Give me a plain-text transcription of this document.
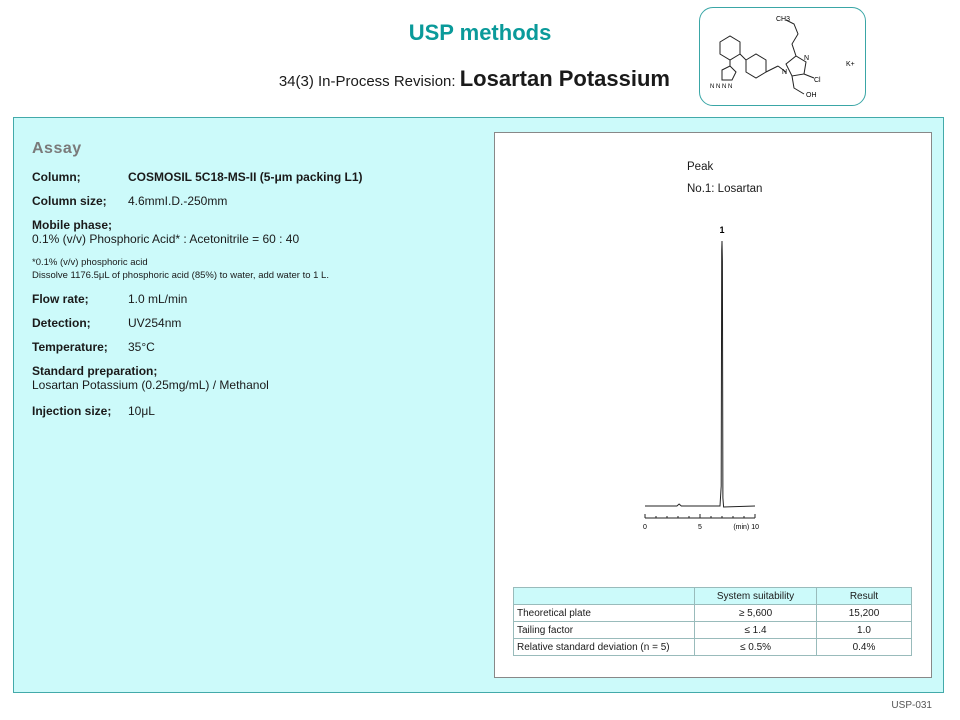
USP methods
34(3) In-Process Revision: Losartan Potassium
CH3
N
N
Cl
OH
K+
N N N N
Assay
Column;	COSMOSIL 5C18-MS-II (5-μm packing L1)
Column size; 4.6mmI.D.-250mm
Mobile phase;
0.1% (v/v) Phosphoric Acid* : Acetonitrile = 60 : 40
*0.1% (v/v) phosphoric acid
Dissolve 1176.5μL of phosphoric acid (85%) to water, add water to 1 L.
Flow rate;	1.0 mL/min
Detection;	UV254nm
Temperature; 35°C
Standard preparation;
Losartan Potassium (0.25mg/mL) / Methanol
Injection size; 10μL
Peak
No.1: Losartan
1
0	5	(min) 10
	System suitability	Result
Theoretical plate	≥ 5,600	15,200
Tailing factor	≤ 1.4	1.0
Relative standard deviation (n = 5)	≤ 0.5%	0.4%
USP-031
